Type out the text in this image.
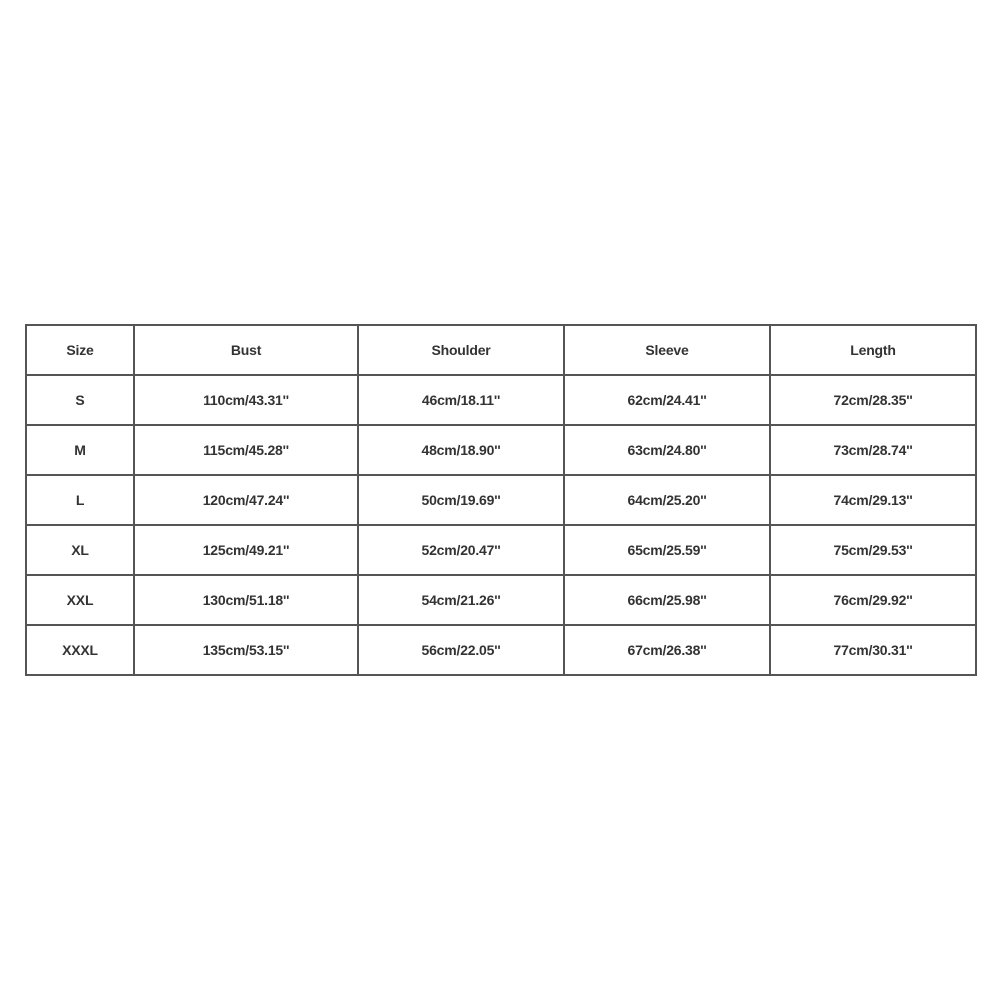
Size	Bust	Shoulder	Sleeve	Length
S	110cm/43.31''	46cm/18.11''	62cm/24.41''	72cm/28.35''
M	115cm/45.28''	48cm/18.90''	63cm/24.80''	73cm/28.74''
L	120cm/47.24''	50cm/19.69''	64cm/25.20''	74cm/29.13''
XL	125cm/49.21''	52cm/20.47''	65cm/25.59''	75cm/29.53''
XXL	130cm/51.18''	54cm/21.26''	66cm/25.98''	76cm/29.92''
XXXL	135cm/53.15''	56cm/22.05''	67cm/26.38''	77cm/30.31''
